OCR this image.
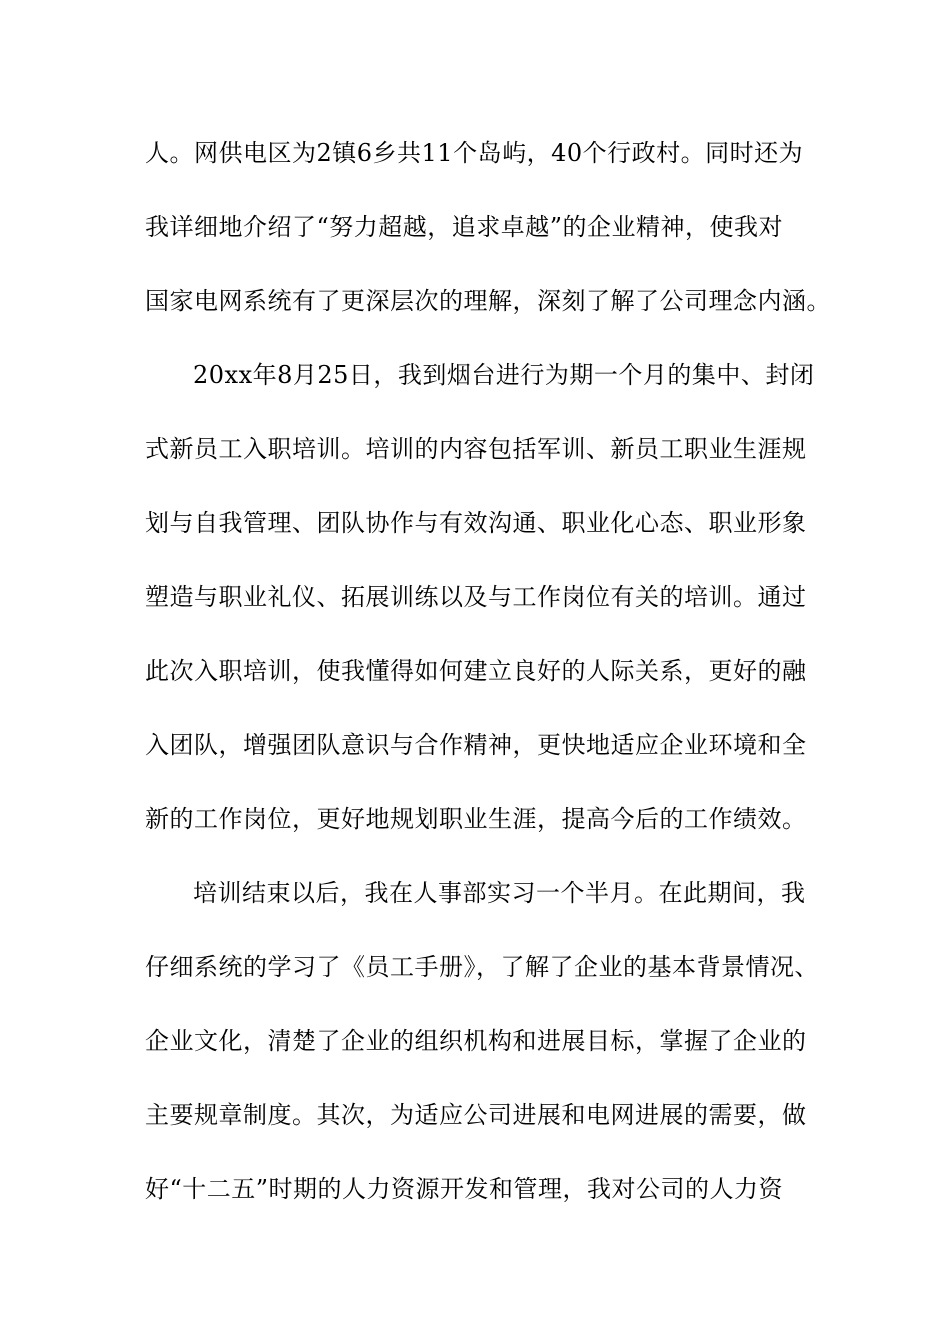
人。网供电区为2镇6乡共11个岛屿，40个行政村。同时还为
我详细地介绍了“努力超越，追求卓越”的企业精神，使我对
国家电网系统有了更深层次的理解，深刻了解了公司理念内涵。
20xx年8月25日，我到烟台进行为期一个月的集中、封闭
式新员工入职培训。培训的内容包括军训、新员工职业生涯规
划与自我管理、团队协作与有效沟通、职业化心态、职业形象
塑造与职业礼仪、拓展训练以及与工作岗位有关的培训。通过
此次入职培训，使我懂得如何建立良好的人际关系，更好的融
入团队，增强团队意识与合作精神，更快地适应企业环境和全
新的工作岗位，更好地规划职业生涯，提高今后的工作绩效。
培训结束以后，我在人事部实习一个半月。在此期间，我
仔细系统的学习了《员工手册》，了解了企业的基本背景情况、
企业文化，清楚了企业的组织机构和进展目标，掌握了企业的
主要规章制度。其次，为适应公司进展和电网进展的需要，做
好“十二五”时期的人力资源开发和管理，我对公司的人力资
